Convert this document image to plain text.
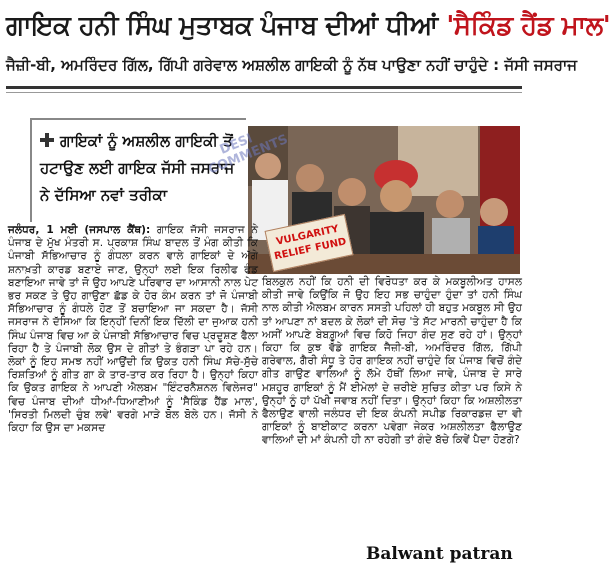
ਗਾਇਕ ਹਨੀ ਸਿੰਘ ਮੁਤਾਬਕ ਪੰਜਾਬ ਦੀਆਂ ਧੀਆਂ 'ਸੈਕਿੰਡ ਹੈਂਡ ਮਾਲ'
ਜੈਜ਼ੀ-ਬੀ, ਅਮਰਿੰਦਰ ਗਿੱਲ, ਗਿੱਪੀ ਗਰੇਵਾਲ ਅਸ਼ਲੀਲ ਗਾਇਕੀ ਨੂੰ ਨੱਥ ਪਾਉਣਾ ਨਹੀਂ ਚਾਹੁੰਦੇ : ਜੱਸੀ ਜਸਰਾਜ
ਗਾਇਕਾਂ ਨੂੰ ਅਸ਼ਲੀਲ ਗਾਇਕੀ ਤੋਂ ਹਟਾਉਣ ਲਈ ਗਾਇਕ ਜੱਸੀ ਜਸਰਾਜ ਨੇ ਦੱਸਿਆ ਨਵਾਂ ਤਰੀਕਾ
DESI COMMENTS
VULGARITY RELIEF FUND
ਜਲੰਧਰ, 1 ਮਈ (ਜਸਪਾਲ ਕੈਂਥ): ਗਾਇਕ ਜੱਸੀ ਜਸਰਾਜ ਨੇ ਪੰਜਾਬ ਦੇ ਮੁੱਖ ਮੰਤਰੀ ਸ. ਪ੍ਰਕਾਸ਼ ਸਿੰਘ ਬਾਦਲ ਤੋਂ ਮੰਗ ਕੀਤੀ ਕਿ ਪੰਜਾਬੀ ਸੱਭਿਆਚਾਰ ਨੂੰ ਗੰਧਲਾ ਕਰਨ ਵਾਲੇ ਗਾਇਕਾਂ ਦੇ ਅੱਗੇ ਸ਼ਨਾਖ਼ਤੀ ਕਾਰਡ ਬਣਾਏ ਜਾਣ, ਉਨ੍ਹਾਂ ਲਈ ਇਕ ਰਿਲੀਫ ਫੰਡ ਬਣਾਇਆ ਜਾਵੇ ਤਾਂ ਜੋ ਉਹ ਆਪਣੇ ਪਰਿਵਾਰ ਦਾ ਆਸਾਨੀ ਨਾਲ ਪੇਟ ਭਰ ਸਕਣ ਤੇ ਉਹ ਗਾਉਣਾ ਛੱਡ ਕੇ ਹੋਰ ਕੰਮ ਕਰਨ ਤਾਂ ਜੋ ਪੰਜਾਬੀ ਸੱਭਿਆਚਾਰ ਨੂੰ ਗੰਧਲੇ ਹੋਣ ਤੋਂ ਬਚਾਇਆ ਜਾ ਸਕਦਾ ਹੈ। ਜੱਸੀ ਜਸਰਾਜ ਨੇ ਦੱਸਿਆ ਕਿ ਇਨ੍ਹੀਂ ਦਿਨੀਂ ਇਕ ਦਿੱਲੀ ਦਾ ਜੁਆਕ ਹਨੀ ਸਿੰਘ ਪੰਜਾਬ ਵਿਚ ਆ ਕੇ ਪੰਜਾਬੀ ਸੱਭਿਆਚਾਰ ਵਿਚ ਪ੍ਰਦੂਸ਼ਣ ਫੈਲਾ ਰਿਹਾ ਹੈ ਤੇ ਪੰਜਾਬੀ ਲੋਕ ਉਸ ਦੇ ਗੀਤਾਂ ਤੇ ਭੰਗੜਾ ਪਾ ਰਹੇ ਹਨ। ਲੋਕਾਂ ਨੂੰ ਇਹ ਸਮਝ ਨਹੀਂ ਆਉਂਦੀ ਕਿ ਉਕਤ ਹਨੀ ਸਿੰਘ ਸੱਚੇ-ਸੁੱਚੇ ਰਿਸ਼ਤਿਆਂ ਨੂੰ ਗੀਤ ਗਾ ਕੇ ਤਾਰ-ਤਾਰ ਕਰ ਰਿਹਾ ਹੈ। ਉਨ੍ਹਾਂ ਕਿਹਾ ਕਿ ਉਕਤ ਗਾਇਕ ਨੇ ਆਪਣੀ ਐਲਬਮ "ਇੰਟਰਨੈਸ਼ਨਲ ਵਿਲੇਜਰ" ਵਿਚ ਪੰਜਾਬ ਦੀਆਂ ਧੀਆਂ-ਧਿਆਣੀਆਂ ਨੂੰ 'ਸੈਕਿੰਡ ਹੈਂਡ ਮਾਲ', 'ਸਿਰਤੀ ਮਿਲਦੀ ਚੁੰਬ ਲਵੇ' ਵਰਗੇ ਮਾੜੇ ਬੋਲ ਬੋਲੇ ਹਨ। ਜੱਸੀ ਨੇ ਕਿਹਾ ਕਿ ਉਸ ਦਾ ਮਕਸਦ
ਬਿਲਕੁਲ ਨਹੀਂ ਕਿ ਹਨੀ ਦੀ ਵਿਰੋਧਤਾ ਕਰ ਕੇ ਮਕਬੂਲੀਅਤ ਹਾਸਲ ਕੀਤੀ ਜਾਵੇ ਕਿਉਂਕਿ ਜੋ ਉਹ ਇਹ ਸਭ ਚਾਹੁੰਦਾ ਹੁੰਦਾ ਤਾਂ ਹਨੀ ਸਿੰਘ ਨਾਲ ਕੀਤੀ ਐਲਬਮ ਕਾਰਨ ਸਸਤੀ ਪਹਿਲਾਂ ਹੀ ਬਹੁਤ ਮਕਬੂਲ ਸੀ ਉਹ ਤਾਂ ਆਪਣਾ ਨਾਂ ਬਦਲ ਕੇ ਲੋਕਾਂ ਦੀ ਸੋਚ 'ਤੇ ਸੱਟ ਮਾਰਨੀ ਚਾਹੁੰਦਾ ਹੈ ਕਿ ਅਸੀਂ ਆਪਣੇ ਬੇਬਗ਼ੂਆਂ ਵਿਚ ਕਿਹੋ ਜਿਹਾ ਗੰਦ ਸੁਣ ਰਹੇ ਹਾਂ। ਉਨ੍ਹਾਂ ਕਿਹਾ ਕਿ ਕੁਝ ਵੱਡੇ ਗਾਇਕ ਜੈਜ਼ੀ-ਬੀ, ਅਮਰਿੰਦਰ ਗਿੱਲ, ਗਿੱਪੀ ਗਰੇਵਾਲ, ਗੈਰੀ ਸੰਧੂ ਤੇ ਹੋਰ ਗਾਇਕ ਨਹੀਂ ਚਾਹੁੰਦੇ ਕਿ ਪੰਜਾਬ ਵਿਚੋਂ ਗੰਦੇ ਗੀਤ ਗਾਉਣ ਵਾਲਿਆਂ ਨੂੰ ਲੱਮੇ ਹੱਥੀਂ ਲਿਆ ਜਾਵੇ, ਪੰਜਾਬ ਦੇ ਸਾਰੇ ਮਸ਼ਹੂਰ ਗਾਇਕਾਂ ਨੂੰ ਮੈਂ ਈਮੇਲਾਂ ਦੇ ਜ਼ਰੀਏ ਸੁਚਿਤ ਕੀਤਾ ਪਰ ਕਿਸੇ ਨੇ ਉਨ੍ਹਾਂ ਨੂੰ ਹਾਂ ਪੱਖੀ ਜਵਾਬ ਨਹੀਂ ਦਿਤਾ। ਉਨ੍ਹਾਂ ਕਿਹਾ ਕਿ ਅਸ਼ਲੀਲਤਾ ਫੈਲਾਉਣ ਵਾਲੀ ਜਲੰਧਰ ਦੀ ਇਕ ਕੰਪਨੀ ਸਪੀਡ ਰਿਕਾਰਡਜ਼ ਦਾ ਵੀ ਗਾਇਕਾਂ ਨੂੰ ਬਾਈਕਾਟ ਕਰਨਾ ਪਵੇਗਾ ਜੇਕਰ ਅਸ਼ਲੀਲਤਾ ਫੈਲਾਉਣ ਵਾਲਿਆਂ ਦੀ ਮਾਂ ਕੰਪਨੀ ਹੀ ਨਾ ਰਹੇਗੀ ਤਾਂ ਗੰਦੇ ਬੱਚੇ ਕਿਵੇਂ ਪੈਦਾ ਹੋਣਗੇ?
Balwant patran
